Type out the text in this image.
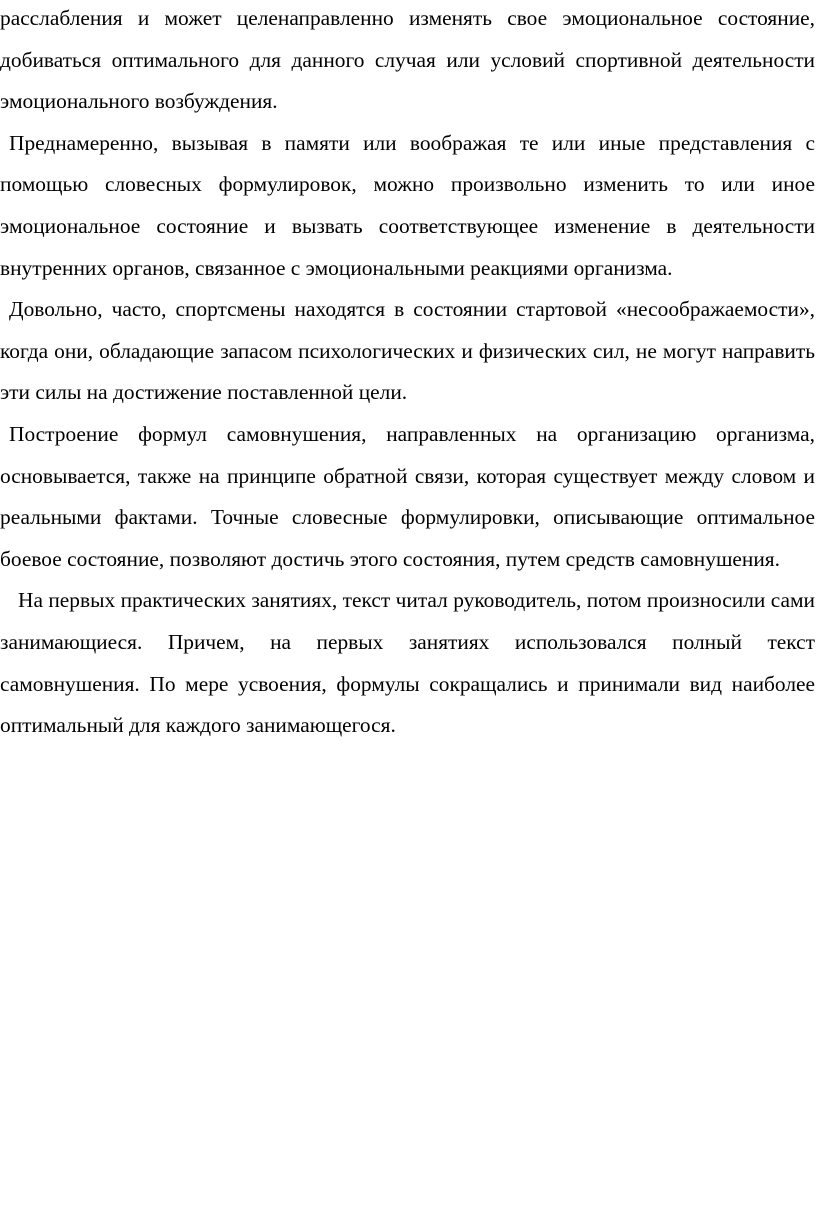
расслабления и может целенаправленно изменять свое эмоциональное состояние, добиваться оптимального для данного случая или условий спортивной деятельности эмоционального возбуждения.

Преднамеренно, вызывая в памяти или воображая те или иные представления с помощью словесных формулировок, можно произвольно изменить то или иное эмоциональное состояние и вызвать соответствующее изменение в деятельности внутренних органов, связанное с эмоциональными реакциями организма.

Довольно, часто, спортсмены находятся в состоянии стартовой «несоображаемости», когда они, обладающие запасом психологических и физических сил, не могут направить эти силы на достижение поставленной цели.

Построение формул самовнушения, направленных на организацию организма, основывается, также на принципе обратной связи, которая существует между словом и реальными фактами. Точные словесные формулировки, описывающие оптимальное боевое состояние, позволяют достичь этого состояния, путем средств самовнушения.

На первых практических занятиях, текст читал руководитель, потом произносили сами занимающиеся. Причем, на первых занятиях использовался полный текст самовнушения. По мере усвоения, формулы сокращались и принимали вид наиболее оптимальный для каждого занимающегося.
